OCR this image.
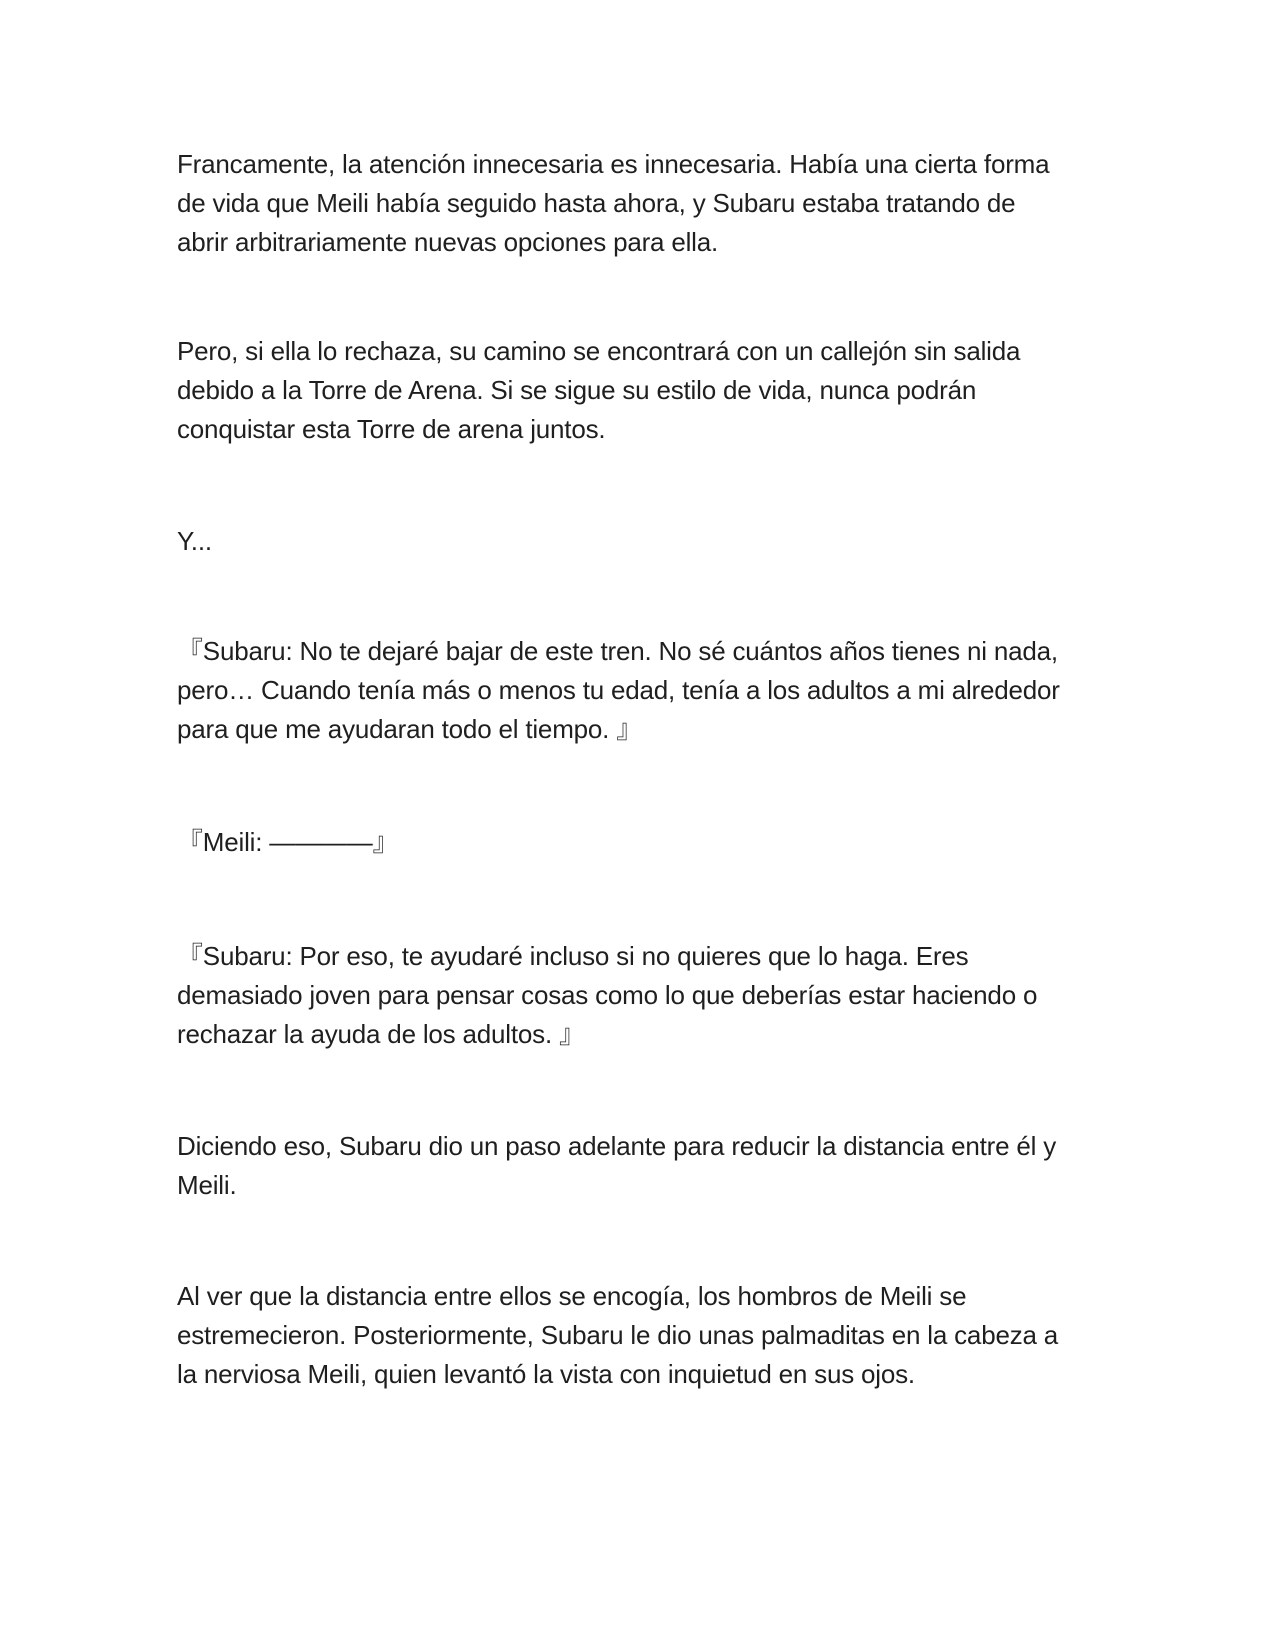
Francamente, la atención innecesaria es innecesaria. Había una cierta forma
de vida que Meili había seguido hasta ahora, y Subaru estaba tratando de
abrir arbitrariamente nuevas opciones para ella.

Pero, si ella lo rechaza, su camino se encontrará con un callejón sin salida
debido a la Torre de Arena. Si se sigue su estilo de vida, nunca podrán
conquistar esta Torre de arena juntos.

Y...

『Subaru: No te dejaré bajar de este tren. No sé cuántos años tienes ni nada,
pero… Cuando tenía más o menos tu edad, tenía a los adultos a mi alrededor
para que me ayudaran todo el tiempo. 』

『Meili: ————』

『Subaru: Por eso, te ayudaré incluso si no quieres que lo haga. Eres
demasiado joven para pensar cosas como lo que deberías estar haciendo o
rechazar la ayuda de los adultos. 』

Diciendo eso, Subaru dio un paso adelante para reducir la distancia entre él y
Meili.

Al ver que la distancia entre ellos se encogía, los hombros de Meili se
estremecieron. Posteriormente, Subaru le dio unas palmaditas en la cabeza a
la nerviosa Meili, quien levantó la vista con inquietud en sus ojos.
